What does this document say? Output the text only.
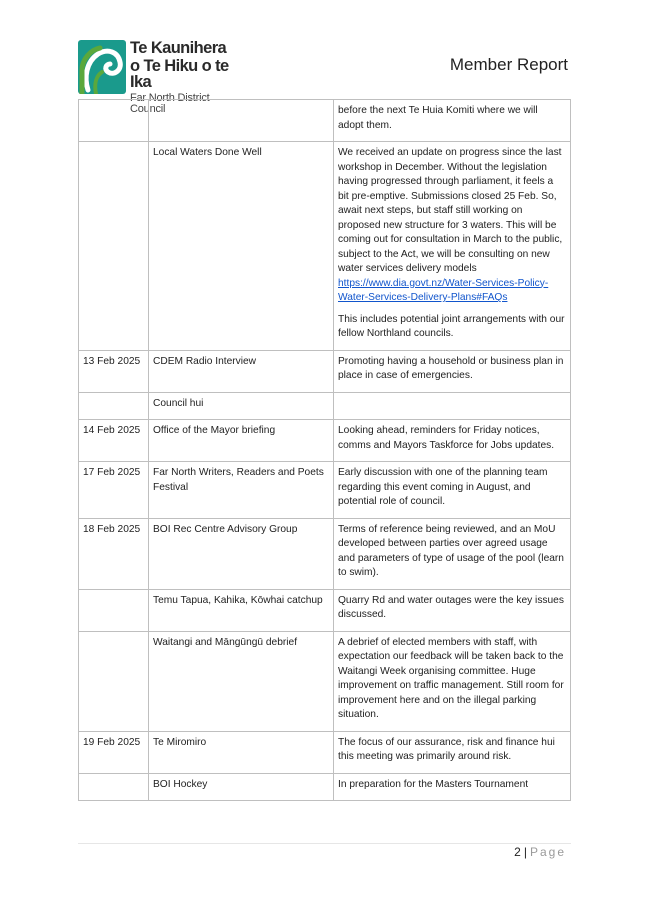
Te Kaunihera
o Te Hiku o te Ika
Far North District Council
Member Report

		before the next Te Huia Komiti where we will adopt them.

	Local Waters Done Well	We received an update on progress since the last workshop in December. Without the legislation having progressed through parliament, it feels a bit pre-emptive. Submissions closed 25 Feb. So, await next steps, but staff still working on proposed new structure for 3 waters. This will be coming out for consultation in March to the public, subject to the Act, we will be consulting on new water services delivery models https://www.dia.govt.nz/Water-Services-Policy-Water-Services-Delivery-Plans#FAQs

This includes potential joint arrangements with our fellow Northland councils.

13 Feb 2025	CDEM Radio Interview	Promoting having a household or business plan in place in case of emergencies.

	Council hui	

14 Feb 2025	Office of the Mayor briefing	Looking ahead, reminders for Friday notices, comms and Mayors Taskforce for Jobs updates.

17 Feb 2025	Far North Writers, Readers and Poets Festival	Early discussion with one of the planning team regarding this event coming in August, and potential role of council.

18 Feb 2025	BOI Rec Centre Advisory Group	Terms of reference being reviewed, and an MoU developed between parties over agreed usage and parameters of type of usage of the pool (learn to swim).

	Temu Tapua, Kahika, Kōwhai catchup	Quarry Rd and water outages were the key issues discussed.

	Waitangi and Māngūngū debrief	A debrief of elected members with staff, with expectation our feedback will be taken back to the Waitangi Week organising committee. Huge improvement on traffic management. Still room for improvement here and on the illegal parking situation.

19 Feb 2025	Te Miromiro	The focus of our assurance, risk and finance hui this meeting was primarily around risk.

	BOI Hockey	In preparation for the Masters Tournament

2 | Page
